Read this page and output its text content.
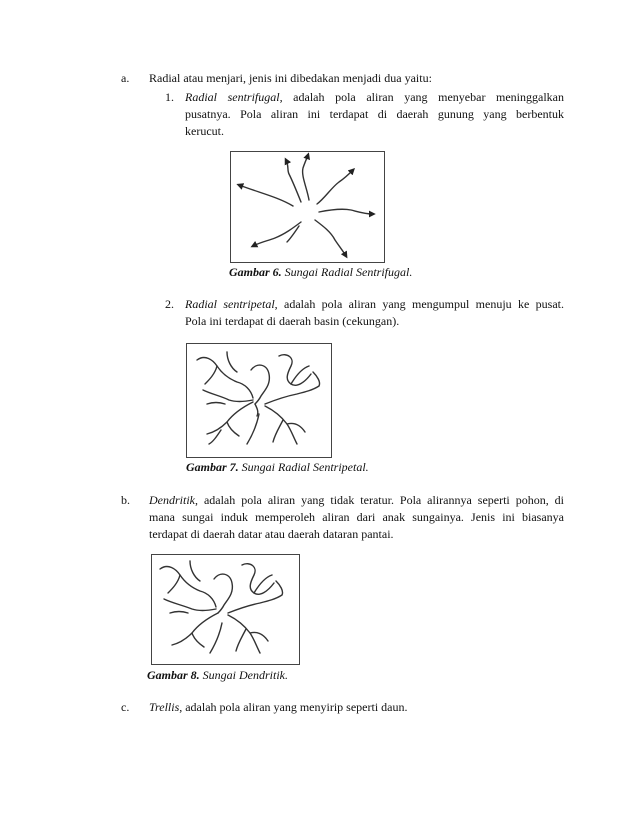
a. Radial atau menjari, jenis ini dibedakan menjadi dua yaitu:
1. Radial sentrifugal, adalah pola aliran yang menyebar meninggalkan
pusatnya. Pola aliran ini terdapat di daerah gunung yang berbentuk
kerucut.
Gambar 6. Sungai Radial Sentrifugal.
2. Radial sentripetal, adalah pola aliran yang mengumpul menuju ke pusat.
Pola ini terdapat di daerah basin (cekungan).
Gambar 7. Sungai Radial Sentripetal.
b. Dendritik, adalah pola aliran yang tidak teratur. Pola alirannya seperti pohon, di
mana sungai induk memperoleh aliran dari anak sungainya. Jenis ini biasanya
terdapat di daerah datar atau daerah dataran pantai.
Gambar 8. Sungai Dendritik.
c. Trellis, adalah pola aliran yang menyirip seperti daun.
